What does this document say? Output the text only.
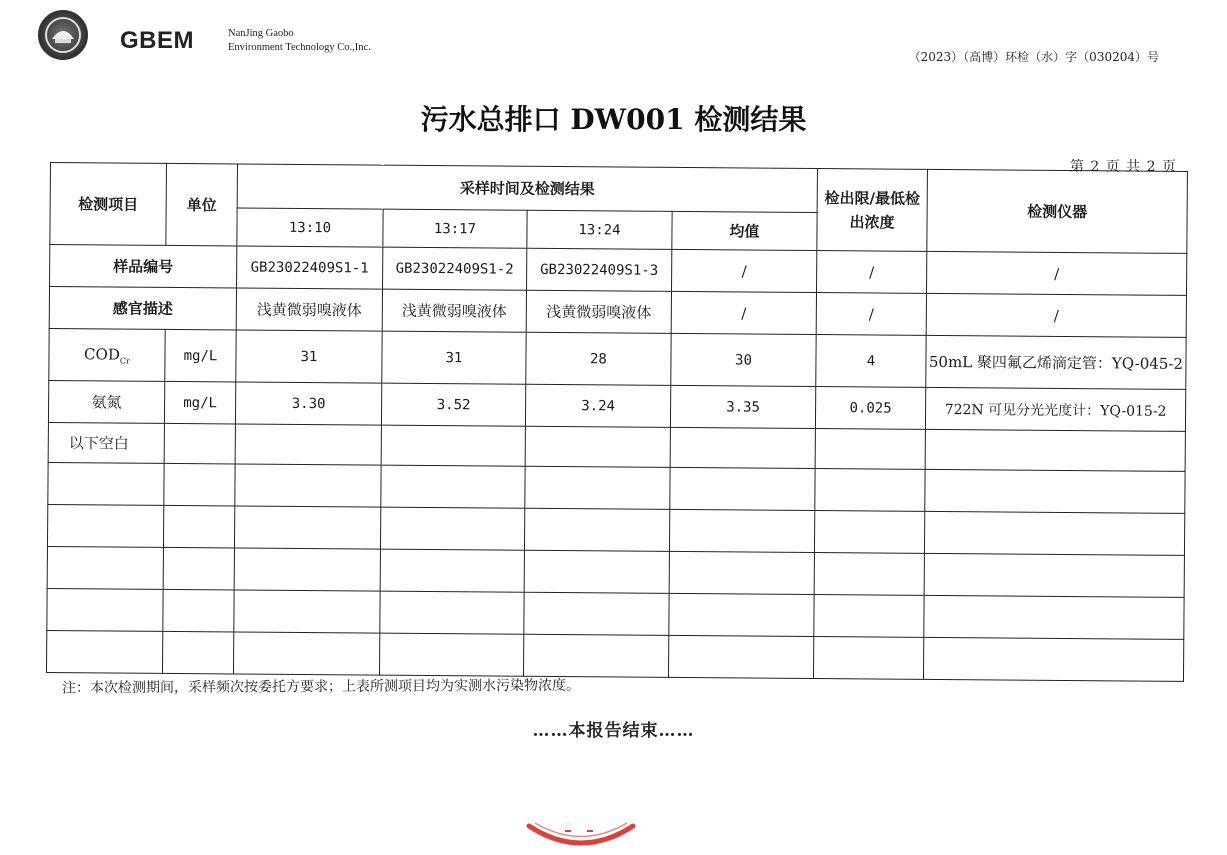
GBEM	NanJing Gaobo
Environment Technology Co.,Inc.
（2023）（高博）环检（水）字（030204）号
污水总排口 DW001 检测结果
第 2 页 共 2 页
检测项目	单位	采样时间及检测结果				检出限/最低检出浓度	检测仪器
		13:10	13:17	13:24	均值		
样品编号		GB23022409S1-1	GB23022409S1-2	GB23022409S1-3	/	/	/
感官描述		浅黄微弱嗅液体	浅黄微弱嗅液体	浅黄微弱嗅液体	/	/	/
$COD_{Cr}$	mg/L	31	31	28	30	4	50mL 聚四氟乙烯滴定管：YQ-045-2
氨氮	mg/L	3.30	3.52	3.24	3.35	0.025	722N 可见分光光度计：YQ-015-2
以下空白							

注：本次检测期间，采样频次按委托方要求；上表所测项目均为实测水污染物浓度。
……本报告结束……
